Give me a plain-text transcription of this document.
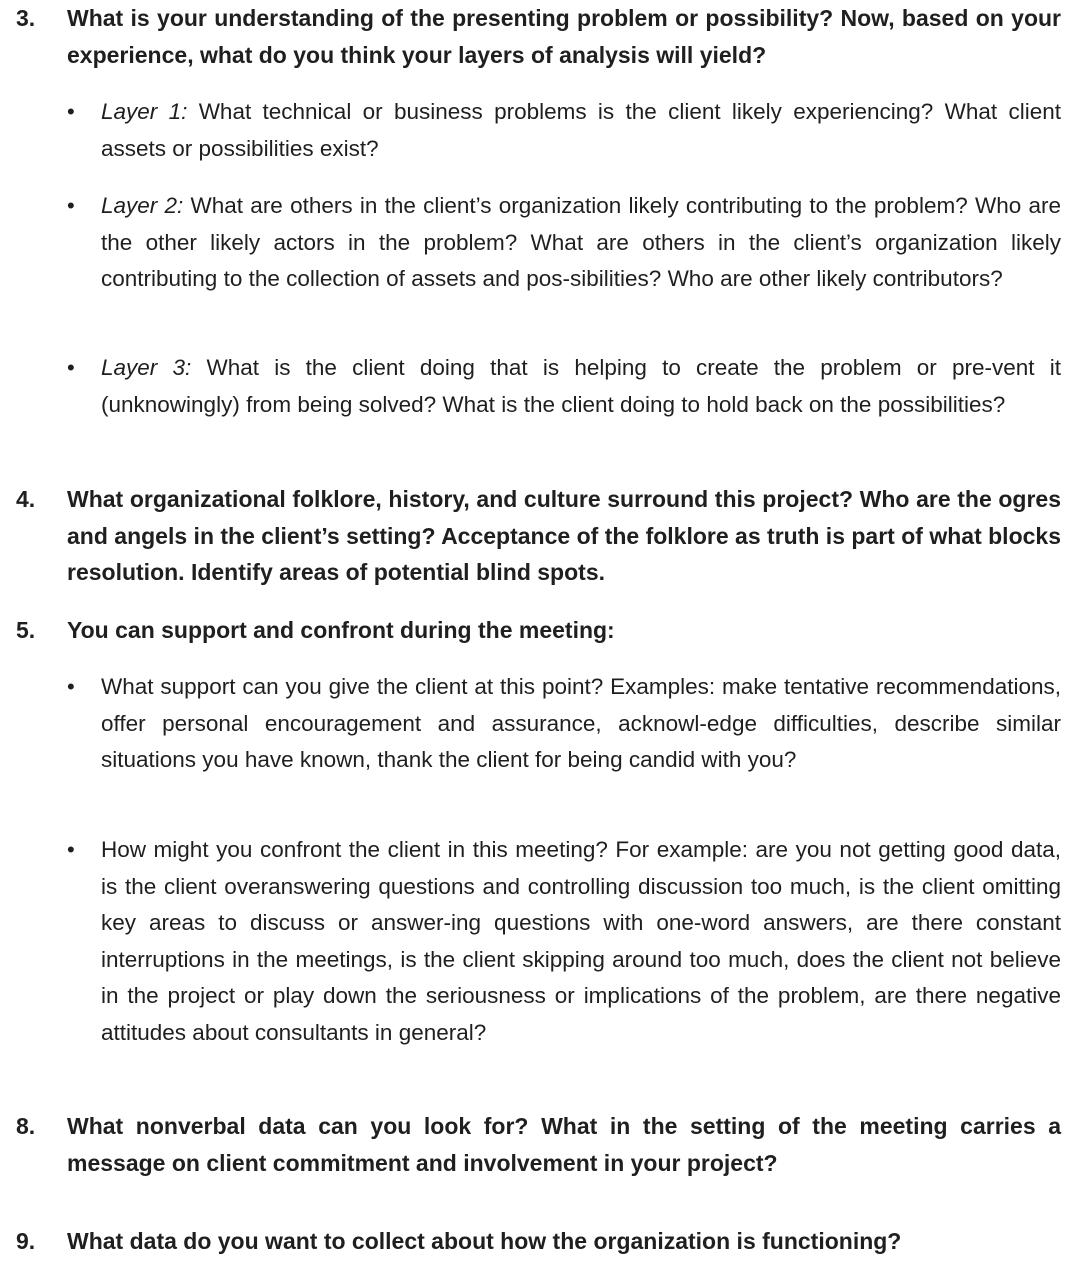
3. What is your understanding of the presenting problem or possibility? Now, based on your experience, what do you think your layers of analysis will yield?
• Layer 1: What technical or business problems is the client likely experiencing? What client assets or possibilities exist?
• Layer 2: What are others in the client’s organization likely contributing to the problem? Who are the other likely actors in the problem? What are others in the client’s organization likely contributing to the collection of assets and pos-sibilities? Who are other likely contributors?
• Layer 3: What is the client doing that is helping to create the problem or pre-vent it (unknowingly) from being solved? What is the client doing to hold back on the possibilities?
4. What organizational folklore, history, and culture surround this project? Who are the ogres and angels in the client’s setting? Acceptance of the folklore as truth is part of what blocks resolution. Identify areas of potential blind spots.
5. You can support and confront during the meeting:
• What support can you give the client at this point? Examples: make tentative recommendations, offer personal encouragement and assurance, acknowl-edge difficulties, describe similar situations you have known, thank the client for being candid with you?
• How might you confront the client in this meeting? For example: are you not getting good data, is the client overanswering questions and controlling discussion too much, is the client omitting key areas to discuss or answer-ing questions with one-word answers, are there constant interruptions in the meetings, is the client skipping around too much, does the client not believe in the project or play down the seriousness or implications of the problem, are there negative attitudes about consultants in general?
8. What nonverbal data can you look for? What in the setting of the meeting carries a message on client commitment and involvement in your project?
9. What data do you want to collect about how the organization is functioning?
